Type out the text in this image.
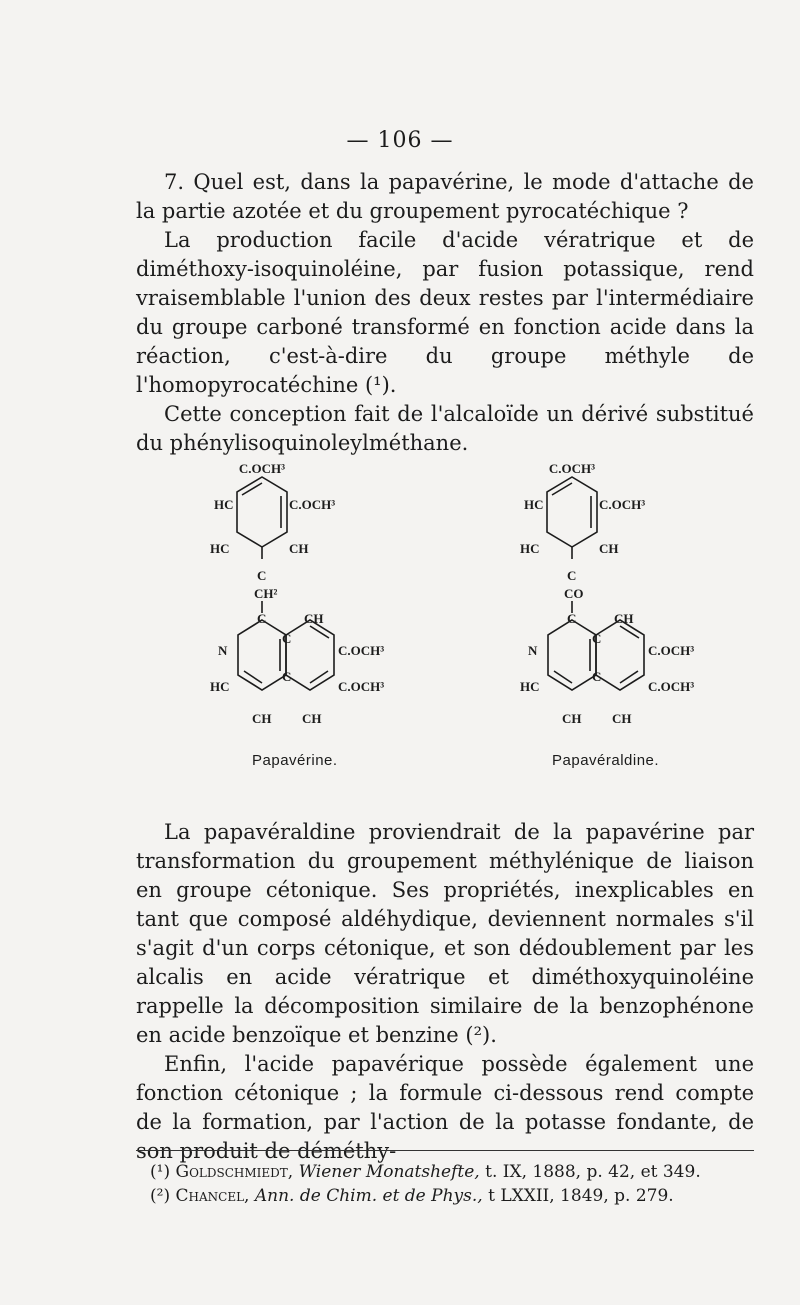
— 106 —

7. Quel est, dans la papavérine, le mode d'attache de la partie azotée et du groupement pyrocatéchique ?

La production facile d'acide vératrique et de diméthoxy-isoquinoléine, par fusion potassique, rend vraisemblable l'union des deux restes par l'intermédiaire du groupe carboné transformé en fonction acide dans la réaction, c'est-à-dire du groupe méthyle de l'homopyrocatéchine (¹).

Cette conception fait de l'alcaloïde un dérivé substitué du phénylisoquinoleylméthane.

C.OCH³
HC	C.OCH³
HC	CH
C
CH²
C	CH
N
C
C.OCH³
HC
C
C.OCH³
CH CH
Papavérine.
C.OCH³
HC	C.OCH³
HC	CH
C
CO
C	CH
N
C
C.OCH³
HC
C
C.OCH³
CH CH
Papavéraldine.

La papavéraldine proviendrait de la papavérine par transformation du groupement méthylénique de liaison en groupe cétonique. Ses propriétés, inexplicables en tant que composé aldéhydique, deviennent normales s'il s'agit d'un corps cétonique, et son dédoublement par les alcalis en acide vératrique et diméthoxyquinoléine rappelle la décomposition similaire de la benzophénone en acide benzoïque et benzine (²).

Enfin, l'acide papavérique possède également une fonction cétonique ; la formule ci-dessous rend compte de la formation, par l'action de la potasse fondante, de son produit de déméthy-

(¹) Goldschmiedt, Wiener Monatshefte, t. IX, 1888, p. 42, et 349.

(²) Chancel, Ann. de Chim. et de Phys., t LXXII, 1849, p. 279.
